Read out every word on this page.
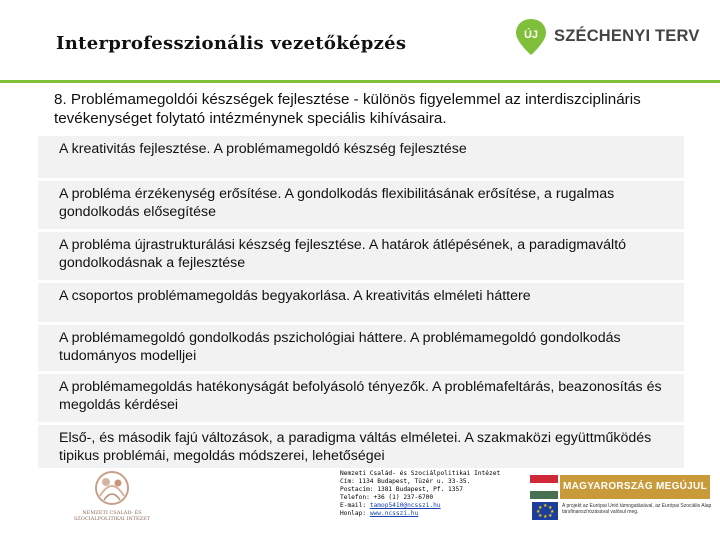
Interprofesszionális vezetőképzés	ÚJ SZÉCHENYI TERV
8. Problémamegoldói készségek fejlesztése - különös figyelemmel az interdiszciplináris tevékenységet folytató intézménynek speciális kihívásaira.
A kreativitás fejlesztése. A problémamegoldó készség fejlesztése
A probléma érzékenység erősítése. A gondolkodás flexibilitásának erősítése, a rugalmas gondolkodás elősegítése
A probléma újrastrukturálási készség fejlesztése. A határok átlépésének, a paradigmaváltó gondolkodásnak a fejlesztése
A csoportos problémamegoldás begyakorlása. A kreativitás elméleti háttere
A problémamegoldó gondolkodás pszichológiai háttere. A problémamegoldó gondolkodás tudományos modelljei
A problémamegoldás hatékonyságát befolyásoló tényezők. A problémafeltárás, beazonosítás és megoldás kérdései
Első-, és második fajú változások, a paradigma váltás elméletei. A szakmaközi együttműködés tipikus problémái, megoldás módszerei, lehetőségei
NEMZETI CSALÁD- ÉS SZOCIÁLPOLITIKAI INTÉZET
Nemzeti Család- és Szociálpolitikai Intézet
Cím: 1134 Budapest, Tüzér u. 33-35.
Postacím: 1381 Budapest, Pf. 1357
Telefon: +36 (1) 237-6700
E-mail: tamop5410@ncsszi.hu
Honlap: www.ncsszi.hu
MAGYARORSZÁG MEGÚJUL
★ ★
★
★
★
★
★
★	A projekt az Európai Unió támogatásával, az Európai Szociális Alap társfinanszírozásával valósul meg.
